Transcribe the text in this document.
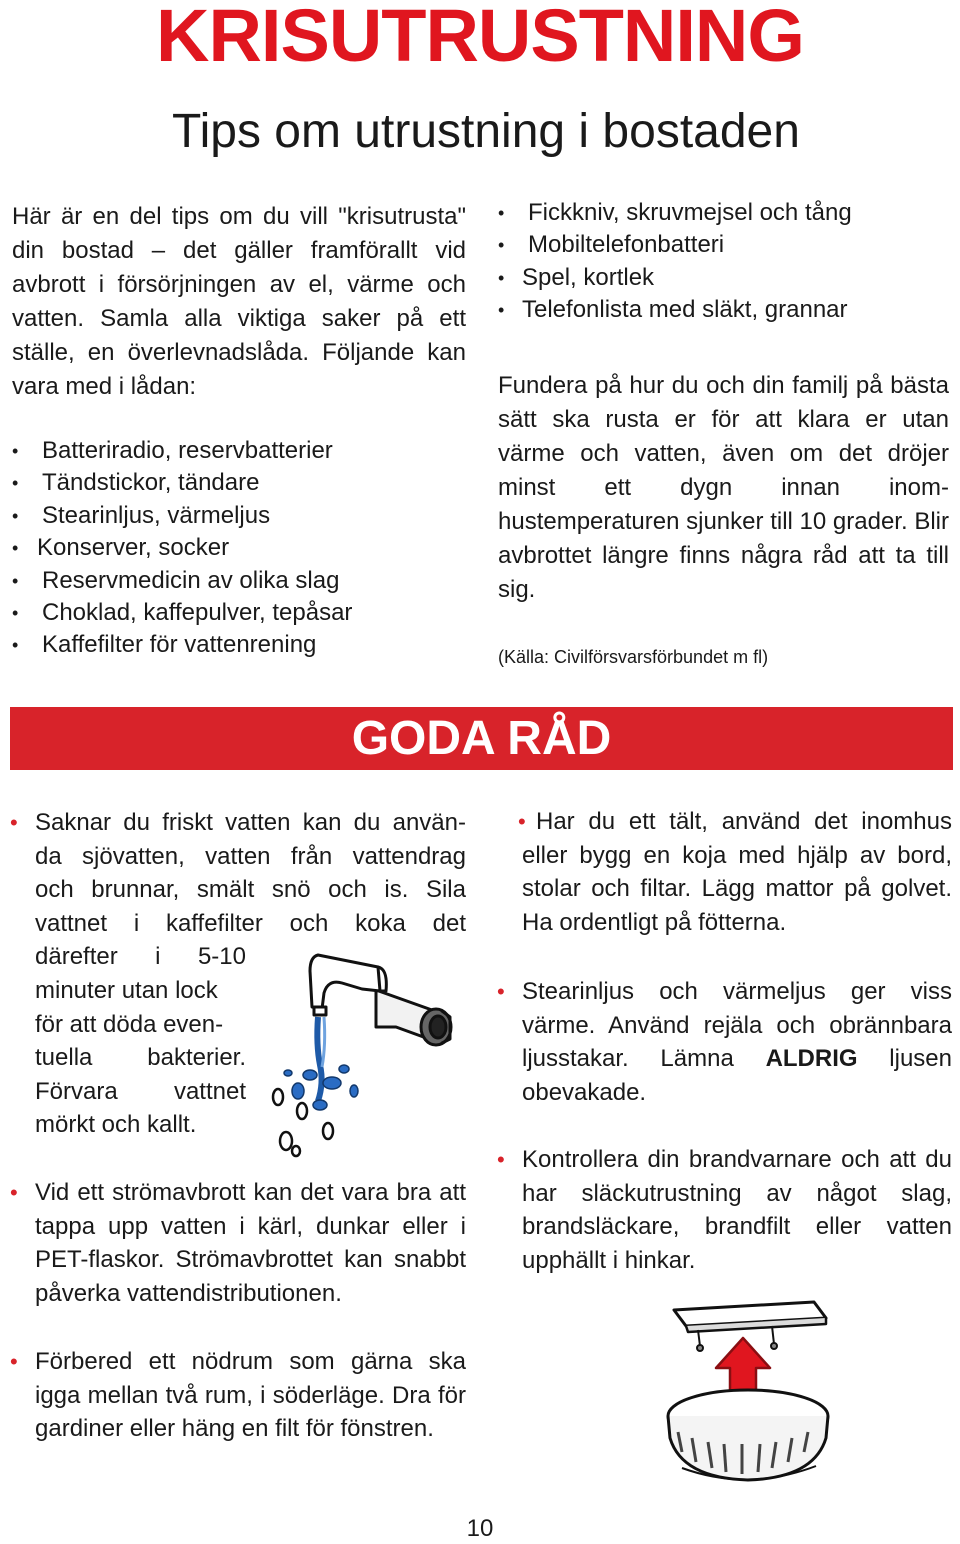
KRISUTRUSTNING
Tips om utrustning i bostaden
Här är en del tips om du vill "krisutrusta" din bostad – det gäller framförallt vid avbrott i försörjningen av el, värme och vatten. Samla alla viktiga saker på ett ställe, en överlevnadslåda. Följande kan vara med i lådan:
• Batteriradio, reservbatterier
• Tändstickor, tändare
• Stearinljus, värmeljus
• Konserver, socker
• Reservmedicin av olika slag
• Choklad, kaffepulver, tepåsar
• Kaffefilter för vattenrening
• Fickkniv, skruvmejsel och tång
• Mobiltelefonbatteri
• Spel, kortlek
• Telefonlista med släkt, grannar
Fundera på hur du och din familj på bästa sätt ska rusta er för att klara er utan värme och vatten, även om det dröjer minst ett dygn innan inomhustemperaturen sjunker till 10 grader. Blir avbrottet längre finns några råd att ta till sig.
(Källa: Civilförsvarsförbundet m fl)
GODA RÅD
• Saknar du friskt vatten kan du använ-
da sjövatten, vatten från vattendrag
och brunnar, smält snö och is. Sila
vattnet i kaffefilter och koka det
därefter i 5-10
minuter utan lock
för att döda even-
tuella bakterier.
Förvara vattnet
mörkt och kallt.
• Vid ett strömavbrott kan det vara bra att tappa upp vatten i kärl, dunkar eller i PET-flaskor. Strömavbrottet kan snabbt påverka vattendistributionen.
• Förbered ett nödrum som gärna ska igga mellan två rum, i söderläge. Dra för gardiner eller häng en filt för fönstren.
• Har du ett tält, använd det inomhus eller bygg en koja med hjälp av bord, stolar och filtar. Lägg mattor på golvet. Ha ordentligt på fötterna.
• Stearinljus och värmeljus ger viss värme. Använd rejäla och obrännbara ljusstakar. Lämna ALDRIG ljusen obevakade.
• Kontrollera din brandvarnare och att du har släckutrustning av något slag, brandsläckare, brandfilt eller vatten upphällt i hinkar.
10
